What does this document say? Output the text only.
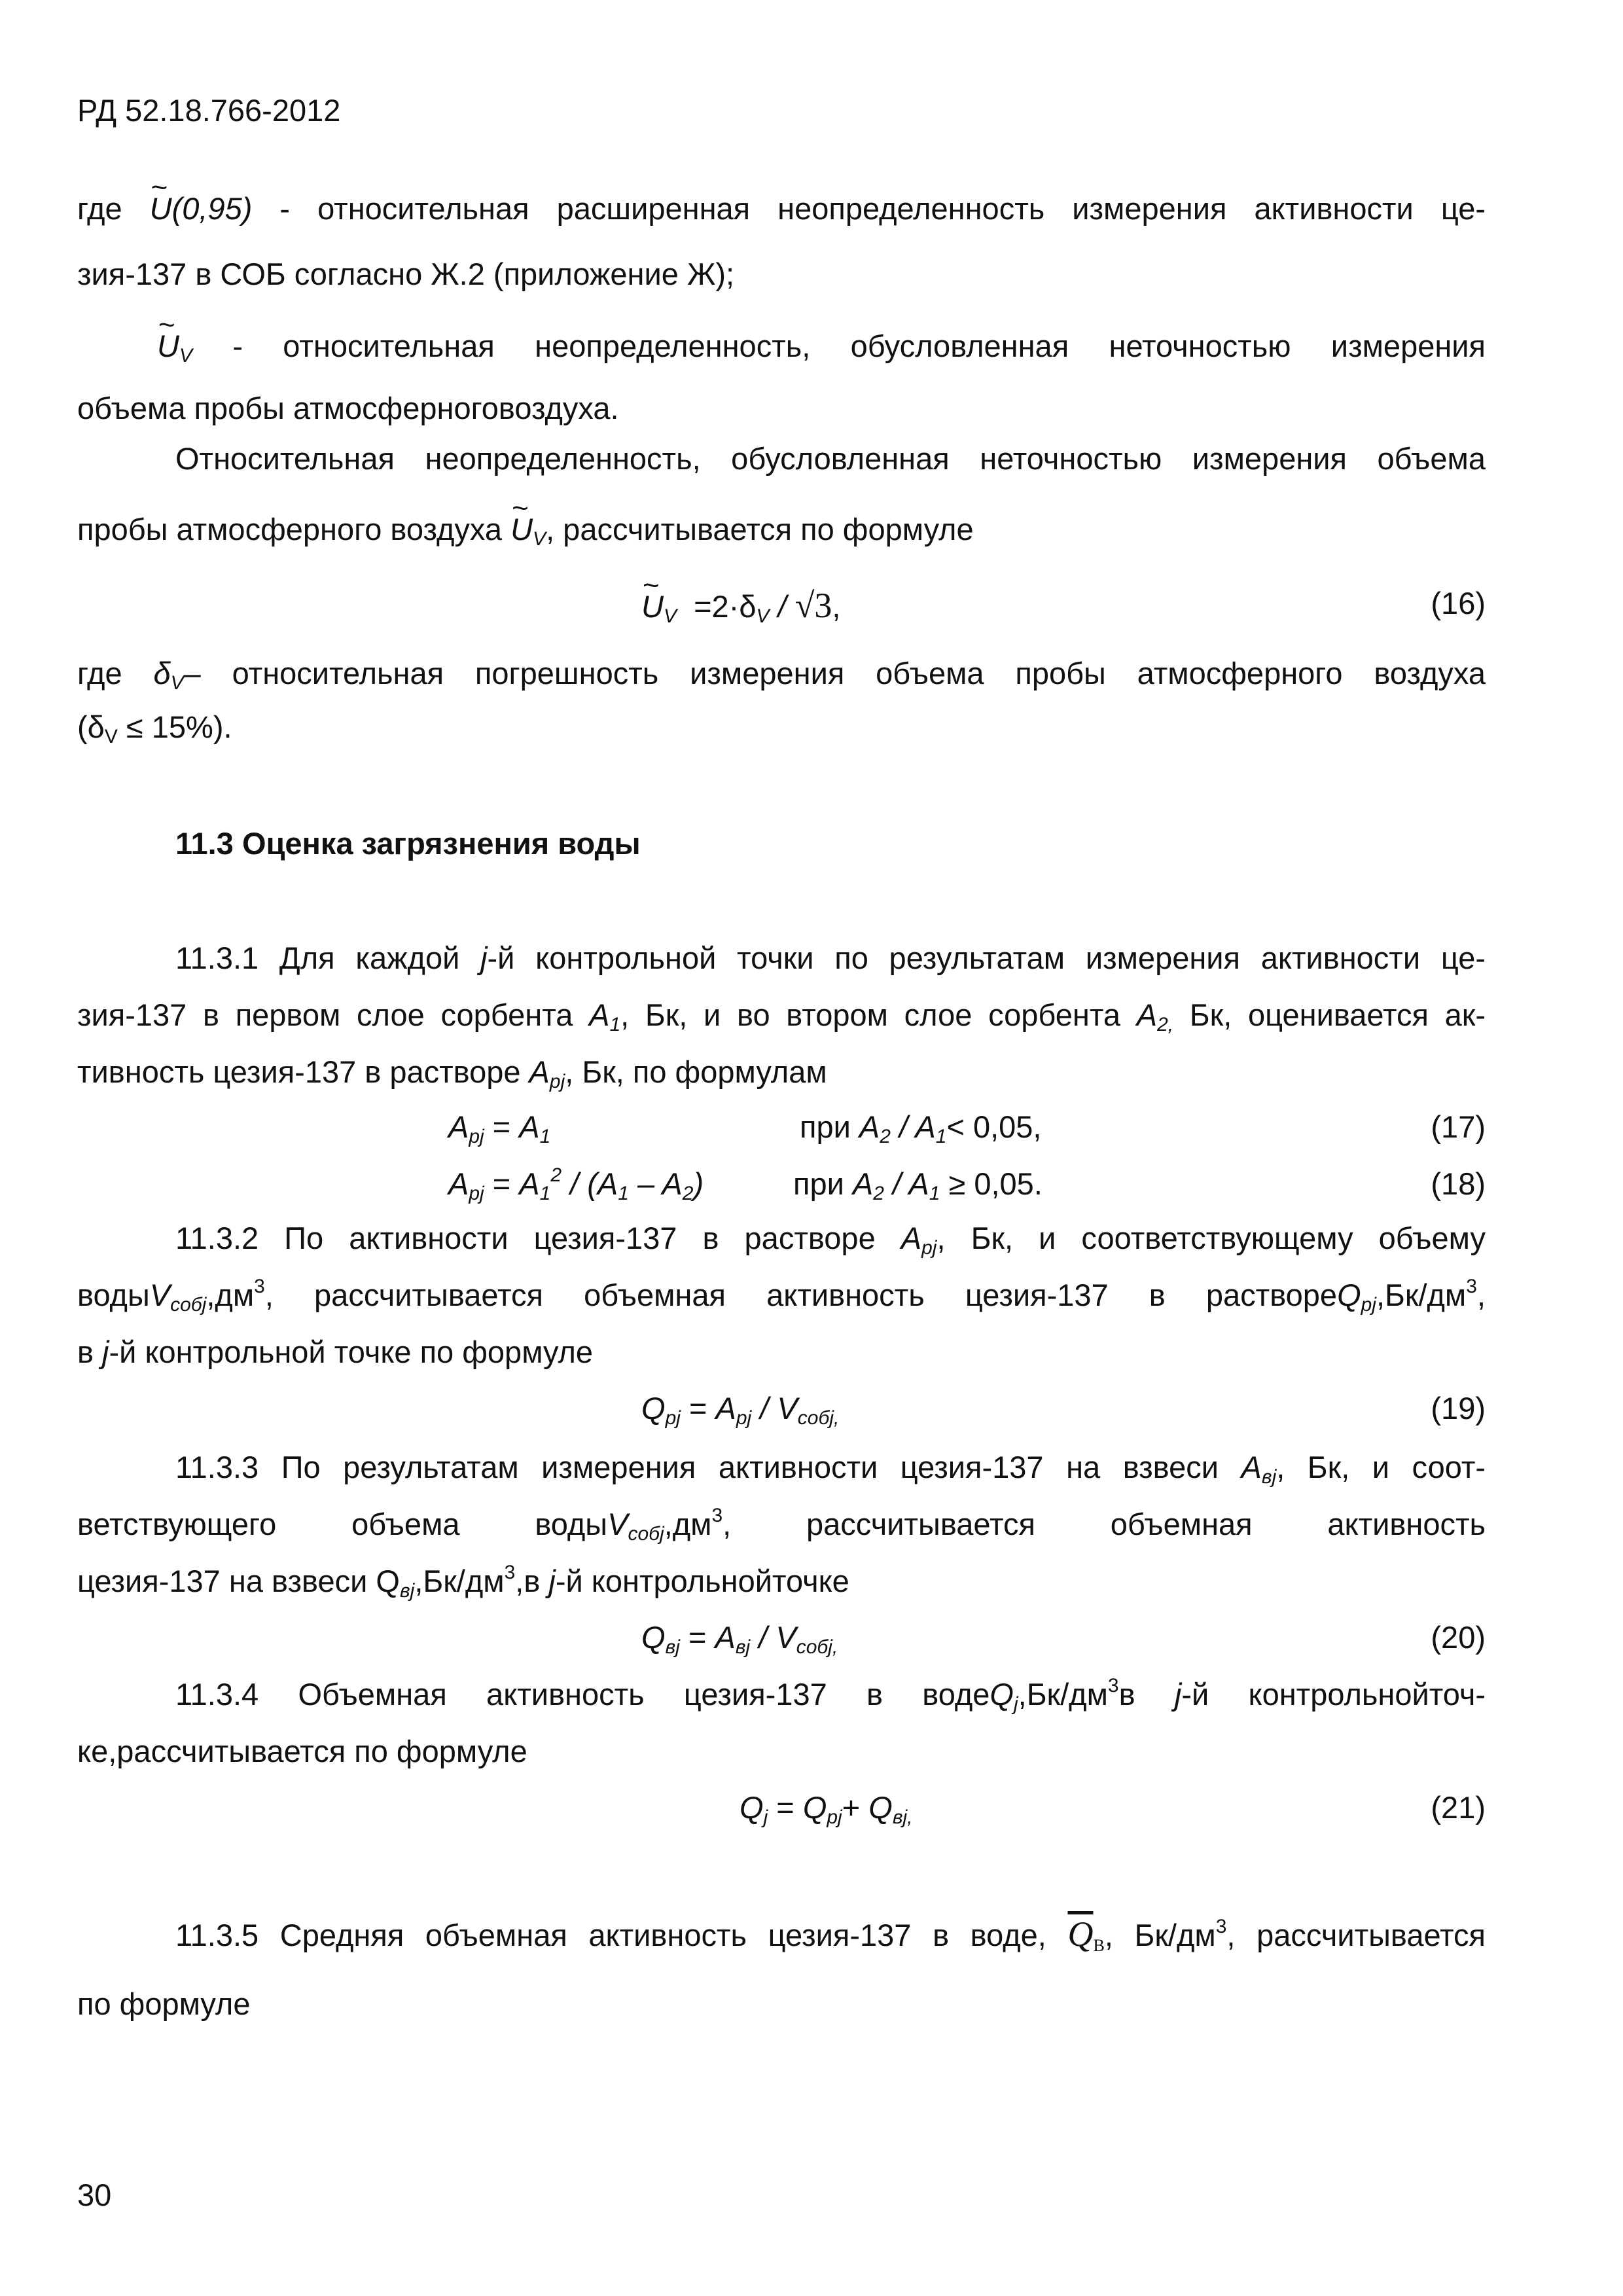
РД 52.18.766-2012
где ~ U(0,95) - относительная расширенная неопределенность измерения активности це-
зия-137 в СОБ согласно Ж.2 (приложение Ж);
~ $U_V$ - относительная неопределенность, обусловленная неточностью измерения
объема пробы атмосферноговоздуха.
Относительная неопределенность, обусловленная неточностью измерения объема
пробы атмосферного воздуха ~ $U_V$, рассчитывается по формуле
~ $U_V =2\cdot\delta_V / √3$,	(16)
где $\delta_V-$ относительная погрешность измерения объема пробы атмосферного воздуха
$(\delta_V \le 15\%)$.
11.3 Оценка загрязнения воды
11.3.1 Для каждой j-й контрольной точки по результатам измерения активности це-
зия-137 в первом слое сорбента $A_1$, Бк, и во втором слое сорбента $A_{2,}$ Бк, оценивается ак-
тивность цезия-137 в растворе $A_{pj}$, Бк, по формулам
$A_{pj} = A_1$	при $A_2 / A_1< 0,05$,	(17)
$A_{pj} = A_1^2 / (A_1 - A_2)$	при $A_2 / A_1 \ge 0,05$.	(18)
11.3.2 По активности цезия-137 в растворе $A_{pj}$, Бк, и соответствующему объему
$водыV_{собj},дм^3$, рассчитывается объемная активность цезия-137 в $раствореQ_{pj},Бк/дм^3$,
в j-й контрольной точке по формуле
$Q_{pj} = A_{pj} / V_{собj,}$	(19)
11.3.3 По результатам измерения активности цезия-137 на взвеси $A_{вj}$, Бк, и соот-
ветствующего объема $водыV_{собj},дм^3$, рассчитывается объемная активность
цезия-137 на взвеси $Q_{вj},Бк/дм^3,в$ j-й контрольнойточке
$Q_{вj} = A_{вj} / V_{собj,}$	(20)
11.3.4 Объемная активность цезия-137 в $водеQ_j,Бк/дм^3в$ j-й контрольнойточ-
ке,рассчитывается по формуле
$Q_j = Q_{pj}+ Q_{вj,}$	(21)
11.3.5 Средняя объемная активность цезия-137 в воде, $\overline{Q}_В$, $Бк/дм^3$, рассчитывается
по формуле
30
